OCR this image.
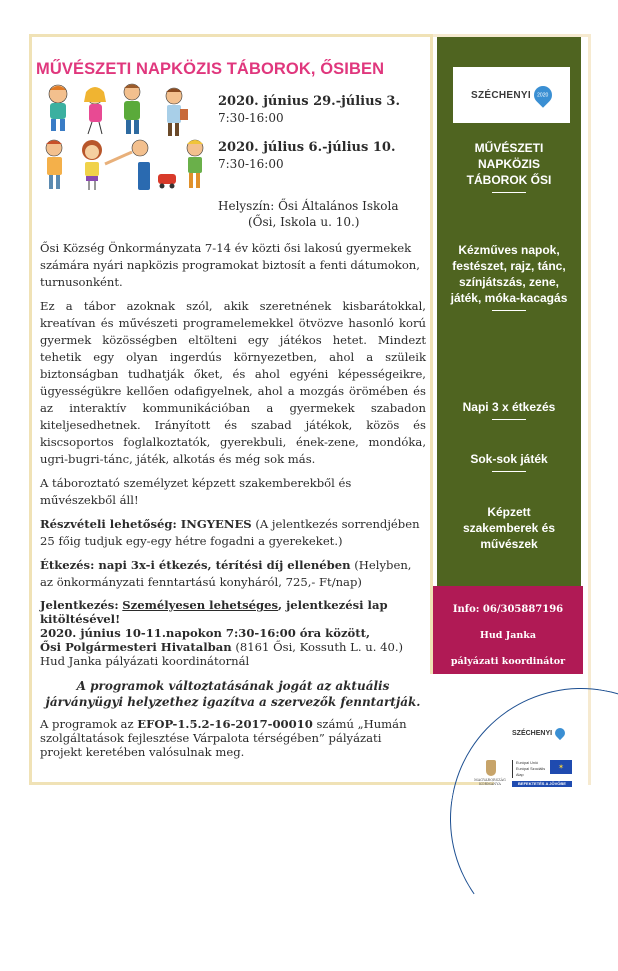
MŰVÉSZETI NAPKÖZIS TÁBOROK, ŐSIBEN
2020. június 29.-július 3.
7:30-16:00
2020. július 6.-július 10.
7:30-16:00
Helyszín: Ősi Általános Iskola
(Ősi, Iskola u. 10.)

Ősi Község Önkormányzata 7-14 év közti ősi lakosú gyermekek számára nyári napközis programokat biztosít a fenti dátumokon, turnusonként.

Ez a tábor azoknak szól, akik szeretnének kisbarátokkal, kreatívan és művészeti programelemekkel ötvözve hasonló korú gyermek közösségben eltölteni egy játékos hetet. Mindezt tehetik egy olyan ingerdús környezetben, ahol a szüleik biztonságban tudhatják őket, és ahol egyéni képességeikre, ügyességükre kellően odafigyelnek, ahol a mozgás örömében és az interaktív kommunikációban a gyermekek szabadon kiteljesedhetnek. Irányított és szabad játékok, közös és kiscsoportos foglalkoztatók, gyerekbuli, ének-zene, mondóka, ugri-bugri-tánc, játék, alkotás és még sok más.

A táboroztató személyzet képzett szakemberekből és művészekből áll!

Részvételi lehetőség: INGYENES (A jelentkezés sorrendjében 25 főig tudjuk egy-egy hétre fogadni a gyerekeket.)

Étkezés: napi 3x-i étkezés, térítési díj ellenében (Helyben, az önkormányzati fenntartású konyháról, 725,- Ft/nap)

Jelentkezés: Személyesen lehetséges, jelentkezési lap kitöltésével!
2020. június 10-11.napokon 7:30-16:00 óra között,
Ősi Polgármesteri Hivatalban (8161 Ősi, Kossuth L. u. 40.)
Hud Janka pályázati koordinátornál

A programok változtatásának jogát az aktuális járványügyi helyzethez igazítva a szervezők fenntartják.

A programok az EFOP-1.5.2-16-2017-00010 számú „Humán szolgáltatások fejlesztése Várpalota térségében” pályázati projekt keretében valósulnak meg.

SZÉCHENYI 2020
MŰVÉSZETI NAPKÖZIS TÁBOROK ŐSI
Kézműves napok, festészet, rajz, tánc, színjátszás, zene, játék, móka-kacagás
Napi 3 x étkezés
Sok-sok játék
Képzett szakemberek és művészek
Info: 06/305887196
Hud Janka
pályázati koordinátor
SZÉCHENYI
MAGYARORSZÁG KORMÁNYA
Európai Unió
Európai Szociális
Alap
✶
BEFEKTETÉS A JÖVŐBE
